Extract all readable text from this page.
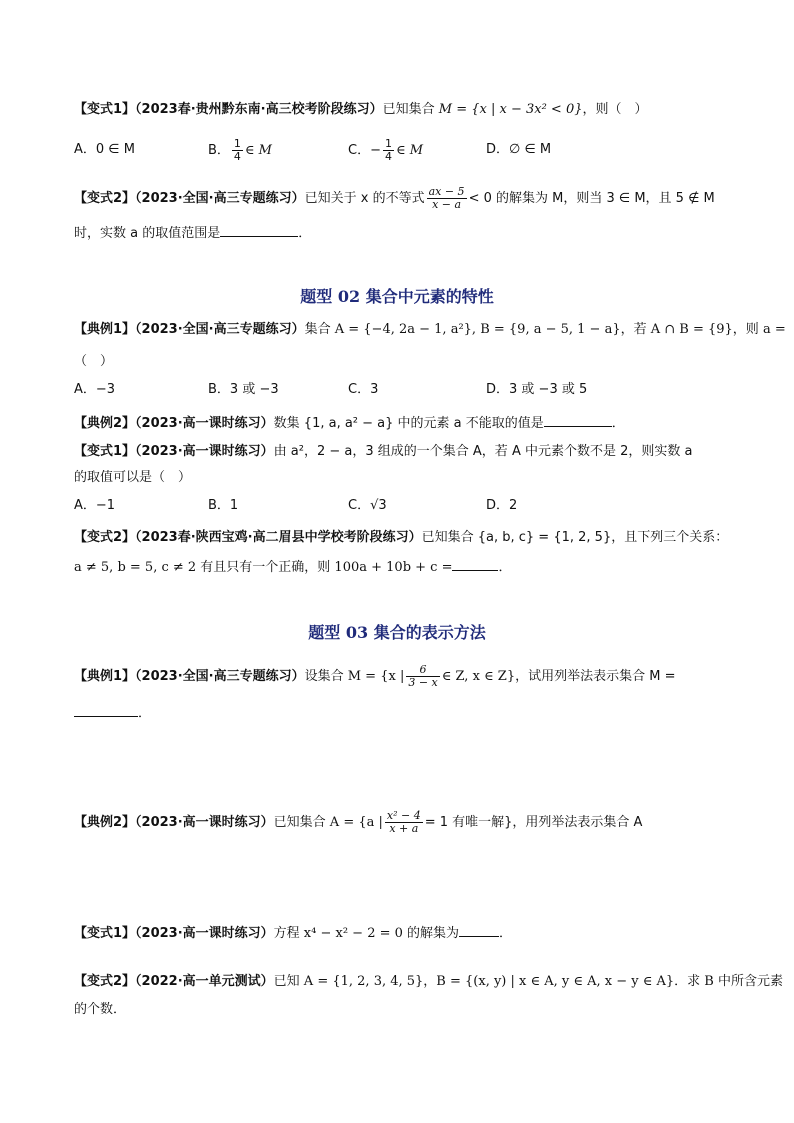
【变式1】（2023春·贵州黔东南·高三校考阶段练习）已知集合 M = {x | x − 3x² < 0}，则（　）
A．0 ∈ M	B． $\frac{1}{4}$ ∈ M	C．− $\frac{1}{4}$ ∈ M	D．∅ ∈ M
【变式2】（2023·全国·高三专题练习）已知关于 x 的不等式 $\frac{ax - 5}{x - a} < 0$ 的解集为 M，则当 3 ∈ M，且 5 ∉ M
时，实数 a 的取值范围是	．
题型 02 集合中元素的特性
【典例1】（2023·全国·高三专题练习）集合 A = {−4, 2a − 1, a²}, B = {9, a − 5, 1 − a}，若 A ∩ B = {9}，则 a =
（　）
A．−3	B．3 或 −3	C．3	D．3 或 −3 或 5
【典例2】（2023·高一课时练习）数集 {1, a, a² − a} 中的元素 a 不能取的值是	．
【变式1】（2023·高一课时练习）由 a²，2 − a，3 组成的一个集合 A，若 A 中元素个数不是 2，则实数 a
的取值可以是（　）
A．−1	B．1	C．√3	D．2
【变式2】（2023春·陕西宝鸡·高二眉县中学校考阶段练习）已知集合 {a, b, c} = {1, 2, 5}，且下列三个关系：
a ≠ 5, b = 5, c ≠ 2 有且只有一个正确，则 100a + 10b + c =	．
题型 03 集合的表示方法
【典例1】（2023·全国·高三专题练习）设集合 M = {x | $\frac{6}{3 - x}$ ∈ Z, x ∈ Z}，试用列举法表示集合 M =
．
【典例2】（2023·高一课时练习）已知集合 A = {a | $\frac{\text{x² − 4}}{x + a} = 1$ 有唯一解}，用列举法表示集合 A
【变式1】（2023·高一课时练习）方程 x⁴ − x² − 2 = 0 的解集为	．
【变式2】（2022·高一单元测试）已知 A = {1, 2, 3, 4, 5}，B = {(x, y) | x ∈ A, y ∈ A, x − y ∈ A}．求 B 中所含元素
的个数．
